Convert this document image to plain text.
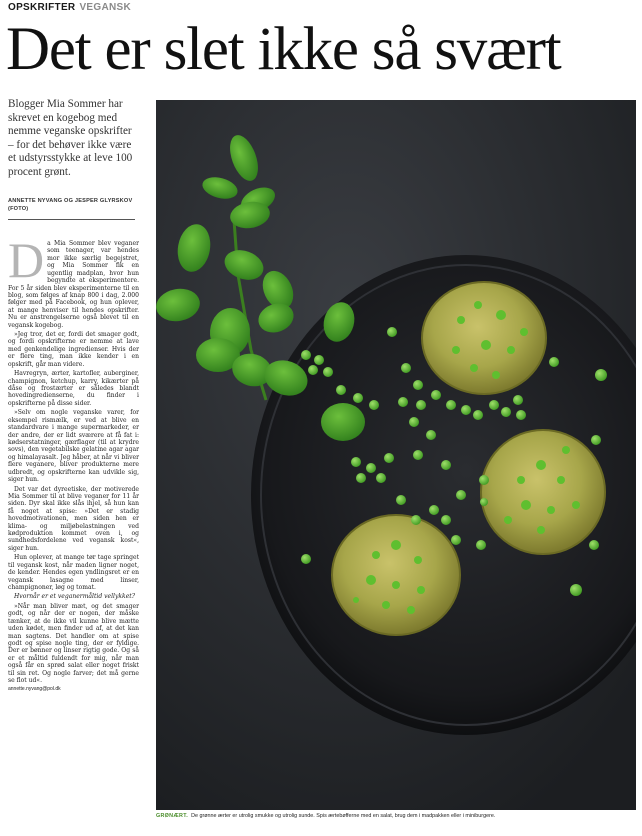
OPSKRIFTER VEGANSK
Det er slet ikke så svært
Blogger Mia Sommer har skrevet en kogebog med nemme veganske opskrifter – for det behøver ikke være et udstyrsstykke at leve 100 procent grønt.
ANNETTE NYVANG OG JESPER GLYRSKOV (FOTO)

Da Mia Sommer blev veganer som teenager, var hendes mor ikke særlig begejstret, og Mia Sommer fik en ugentlig madplan, hvor hun begyndte at eksperimentere. For 5 år siden blev eksperimenterne til en blog, som følges af knap 800 i dag, 2.000 følger med på Facebook, og hun oplever, at mange henviser til hendes opskrifter. Nu er anstrengelserne også blevet til en vegansk kogebog.

»Jeg tror, det er, fordi det smager godt, og fordi opskrifterne er nemme at lave med genkendelige ingredienser. Hvis der er flere ting, man ikke kender i en opskrift, går man videre.

Havregryn, ærter, kartofler, auberginer, champignon, ketchup, karry, kikærter på dåse og frostærter er således blandt hovedingredienserne, du finder i opskrifterne på disse sider.

»Selv om nogle veganske varer, for eksempel rismælk, er ved at blive en standardvare i mange supermarkeder, er der andre, der er lidt sværere at få fat i: kødserstatninger, gærflager (til at krydre sovs), den vegetabilske gelatine agar agar og himalayasalt. Jeg håber, at når vi bliver flere veganere, bliver produkterne mere udbredt, og opskrifterne kan udvikle sig, siger hun.

Det var det dyreetiske, der motiverede Mia Sommer til at blive veganer for 11 år siden. Dyr skal ikke slås ihjel, så hun kan få noget at spise: »Det er stadig hovedmotivationen, men siden hen er klima- og miljøbelastningen ved kødproduktion kommet oven i, og sundhedsfordelene ved vegansk kost«, siger hun.

Hun oplever, at mange tør tage springet til vegansk kost, når maden ligner noget, de kender. Hendes egen yndlingsret er en vegansk lasagne med linser, champignoner, løg og tomat.

Hvornår er et veganermåltid vellykket?

»Når man bliver mæt, og det smager godt, og når der er nogen, der måske tænker, at de ikke vil kunne blive mætte uden kødet, men finder ud af, at det kan man sagtens. Det handler om at spise godt og spise nogle ting, der er fyldige. Der er bønner og linser rigtig gode. Og så er et måltid fuldendt for mig, når man også får en sprød salat eller noget friskt til sin ret. Og nogle farver; det må gerne se flot ud«.

annette.nyvang@pol.dk
GRØNÆRT. De grønne ærter er utrolig smukke og utrolig sunde. Spis ærtebøfferne med en salat, brug dem i madpakken eller i miniburgere.
